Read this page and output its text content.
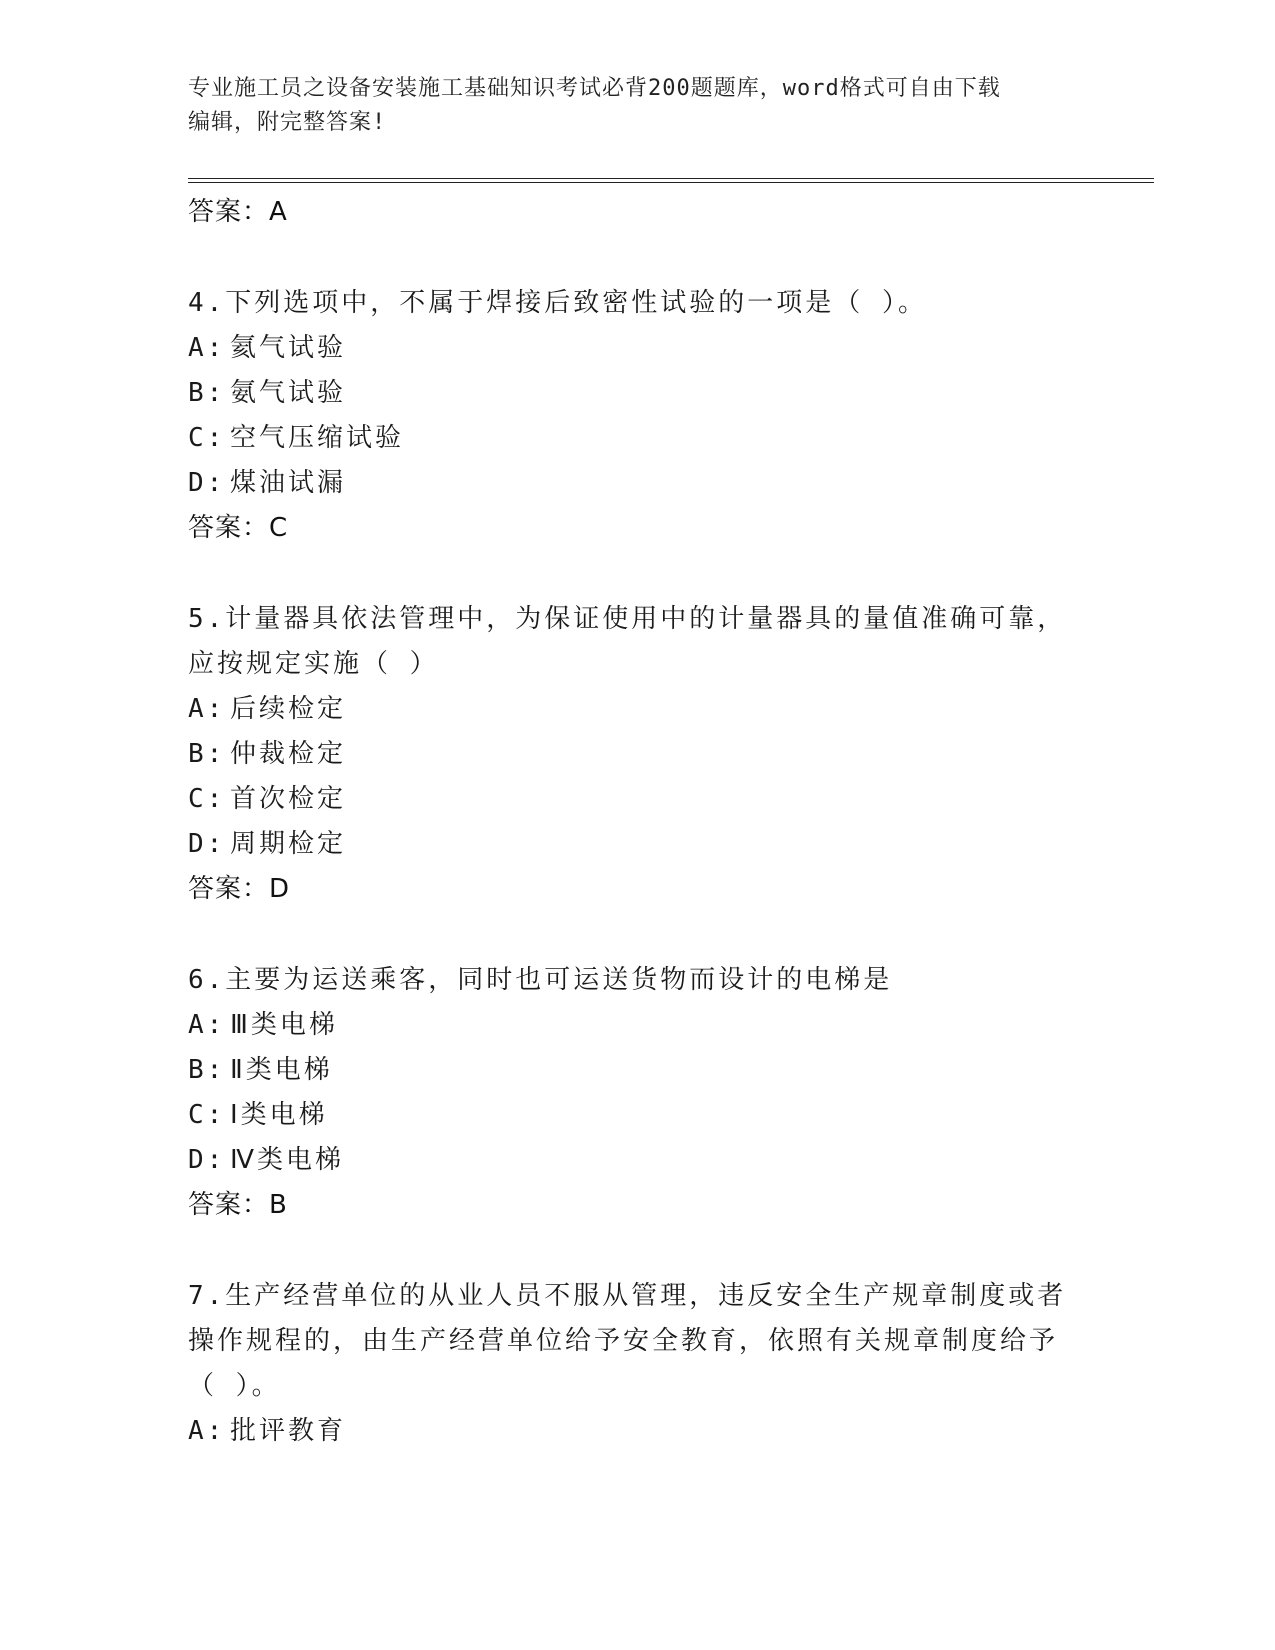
专业施工员之设备安装施工基础知识考试必背200题题库，word格式可自由下载
编辑，附完整答案!
答案：A
4.下列选项中，不属于焊接后致密性试验的一项是（ ）。
A: 氦气试验
B: 氨气试验
C: 空气压缩试验
D: 煤油试漏
答案：C
5.计量器具依法管理中，为保证使用中的计量器具的量值准确可靠，应按规定实施（ ）
A: 后续检定
B: 仲裁检定
C: 首次检定
D: 周期检定
答案：D
6.主要为运送乘客，同时也可运送货物而设计的电梯是
A: Ⅲ类电梯
B: Ⅱ类电梯
C: Ⅰ类电梯
D: Ⅳ类电梯
答案：B
7.生产经营单位的从业人员不服从管理，违反安全生产规章制度或者操作规程的，由生产经营单位给予安全教育，依照有关规章制度给予（ ）。
A: 批评教育
